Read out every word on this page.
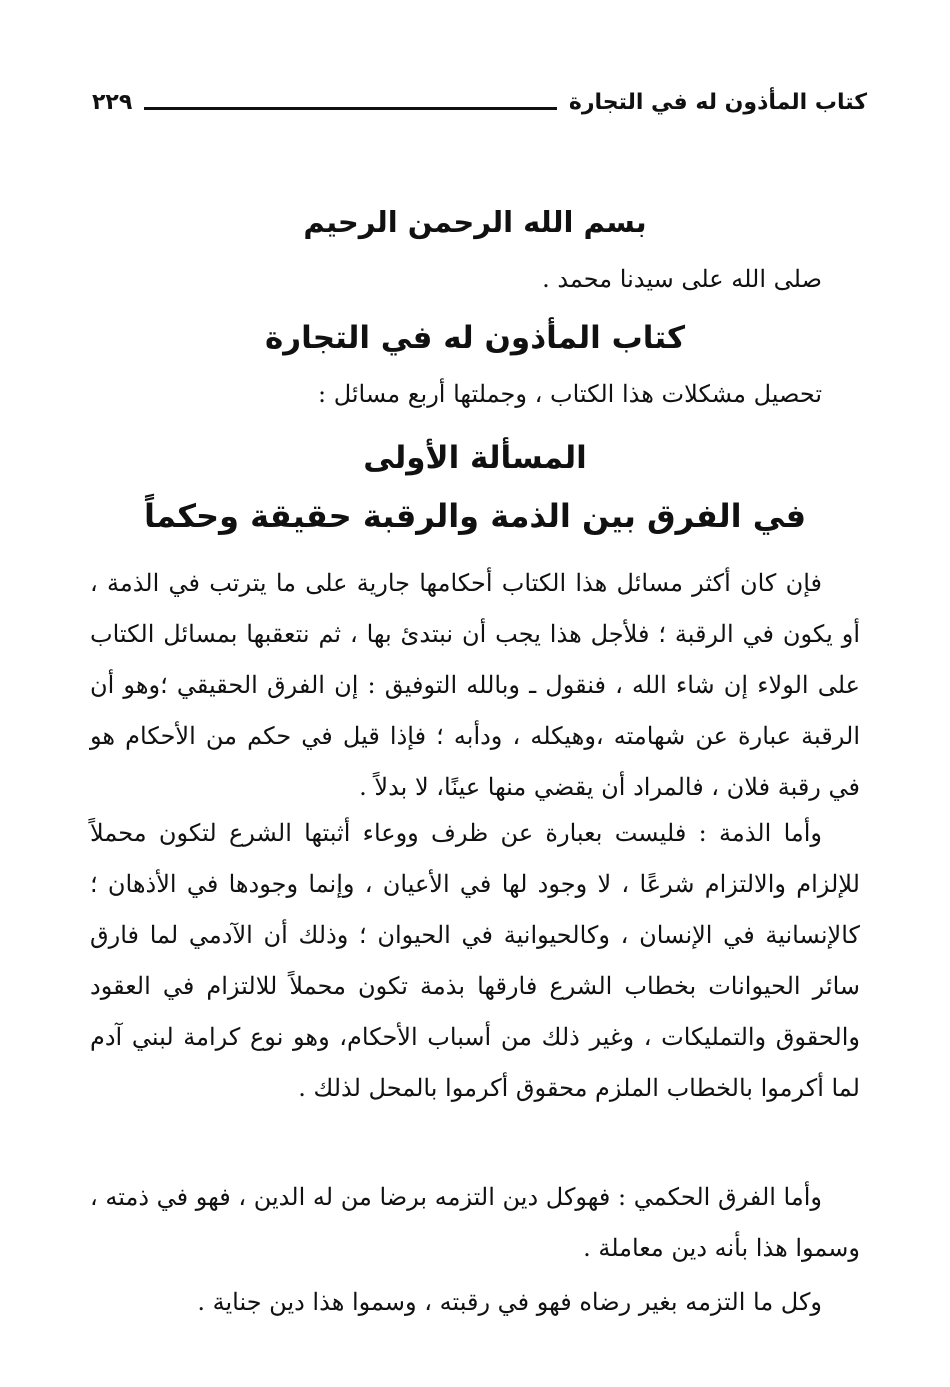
كتاب المأذون له في التجارة
٢٢٩
بسم الله الرحمن الرحيم
صلى الله على سيدنا محمد .
كتاب المأذون له في التجارة
تحصيل مشكلات هذا الكتاب ، وجملتها أربع مسائل :
المسألة الأولى
في الفرق بين الذمة والرقبة حقيقة وحكماً

فإن كان أكثر مسائل هذا الكتاب أحكامها جارية على ما يترتب في الذمة ، أو يكون في الرقبة ؛ فلأجل هذا يجب أن نبتدئ بها ، ثم نتعقبها بمسائل الكتاب على الولاء إن شاء الله ، فنقول ـ وبالله التوفيق : إن الفرق الحقيقي ؛وهو أن الرقبة عبارة عن شهامته ،وهيكله ، ودأبه ؛ فإذا قيل في حكم من الأحكام هو في رقبة فلان ، فالمراد أن يقضي منها عينًا، لا بدلاً .

وأما الذمة : فليست بعبارة عن ظرف ووعاء أثبتها الشرع لتكون محملاً للإلزام والالتزام شرعًا ، لا وجود لها في الأعيان ، وإنما وجودها في الأذهان ؛ كالإنسانية في الإنسان ، وكالحيوانية في الحيوان ؛ وذلك أن الآدمي لما فارق سائر الحيوانات بخطاب الشرع فارقها بذمة تكون محملاً للالتزام في العقود والحقوق والتمليكات ، وغير ذلك من أسباب الأحكام، وهو نوع كرامة لبني آدم لما أكرموا بالخطاب الملزم محقوق أكرموا بالمحل لذلك .

وأما الفرق الحكمي : فهوكل دين التزمه برضا من له الدين ، فهو في ذمته ، وسموا هذا بأنه دين معاملة .

وكل ما التزمه بغير رضاه فهو في رقبته ، وسموا هذا دين جناية .
